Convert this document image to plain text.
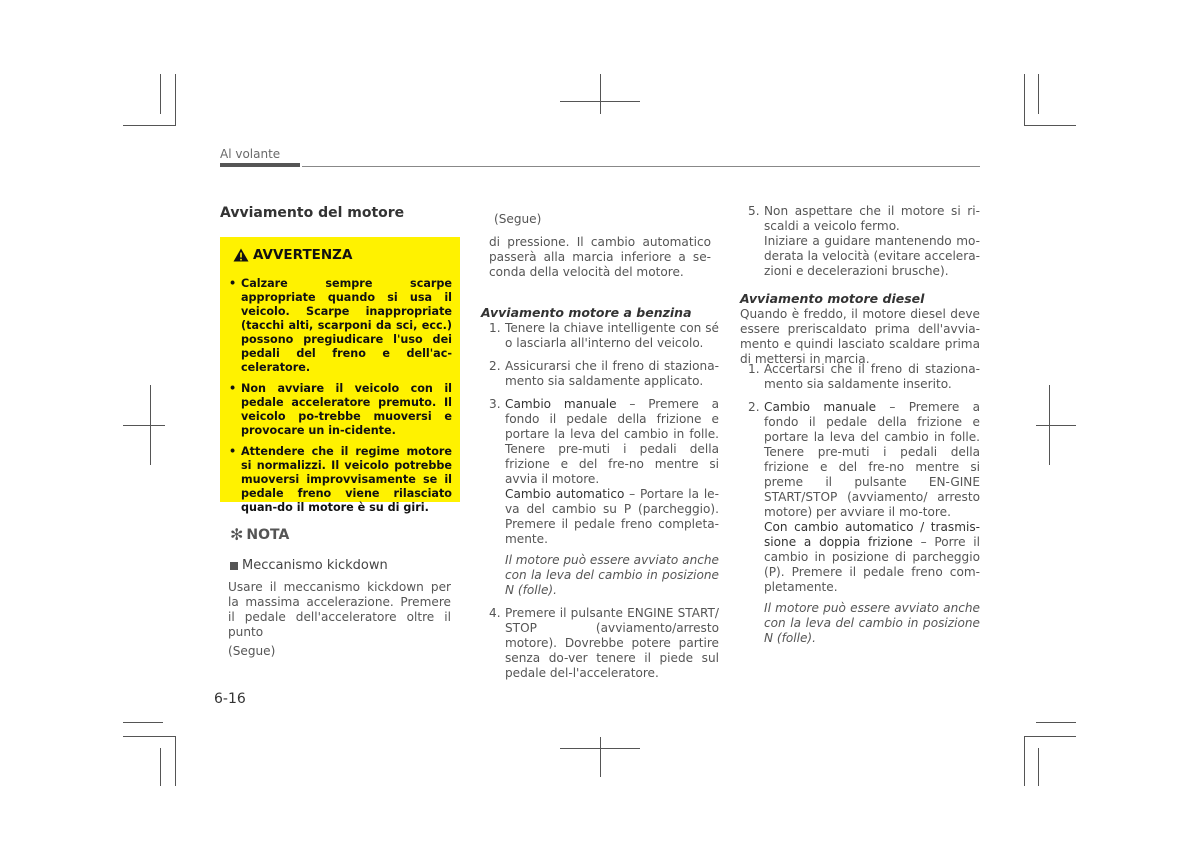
Al volante
Avviamento del motore
AVVERTENZA
• Calzare sempre scarpe appropriate quando si usa il veicolo. Scarpe inappropriate (tacchi alti, scarponi da sci, ecc.) possono pregiudicare l'uso dei pedali del freno e dell'ac-celeratore.
• Non avviare il veicolo con il pedale acceleratore premuto. Il veicolo po-trebbe muoversi e provocare un in-cidente.
• Attendere che il regime motore si normalizzi. Il veicolo potrebbe muoversi improvvisamente se il pedale freno viene rilasciato quan-do il motore è su di giri.
✻ NOTA
Meccanismo kickdown
Usare il meccanismo kickdown per la massima accelerazione. Premere il pedale dell'acceleratore oltre il punto
(Segue)
(Segue)
di pressione. Il cambio automatico passerà alla marcia inferiore a se-conda della velocità del motore.
Avviamento motore a benzina
1. Tenere la chiave intelligente con sé o lasciarla all'interno del veicolo.

2. Assicurarsi che il freno di staziona-mento sia saldamente applicato.

3. Cambio manuale – Premere a fondo il pedale della frizione e portare la leva del cambio in folle. Tenere pre-muti i pedali della frizione e del fre-no mentre si avvia il motore.

Cambio automatico – Portare la le-va del cambio su P (parcheggio). Premere il pedale freno completa-mente.

Il motore può essere avviato anche con la leva del cambio in posizione N (folle).

4. Premere il pulsante ENGINE START/ STOP (avviamento/arresto motore). Dovrebbe potere partire senza do-ver tenere il piede sul pedale del-l'acceleratore.

5. Non aspettare che il motore si ri-scaldi a veicolo fermo.

Iniziare a guidare mantenendo mo-derata la velocità (evitare accelera-zioni e decelerazioni brusche).

Avviamento motore diesel
Quando è freddo, il motore diesel deve essere preriscaldato prima dell'avvia-mento e quindi lasciato scaldare prima di mettersi in marcia.
1. Accertarsi che il freno di staziona-mento sia saldamente inserito.

2. Cambio manuale – Premere a fondo il pedale della frizione e portare la leva del cambio in folle. Tenere pre-muti i pedali della frizione e del fre-no mentre si preme il pulsante EN-GINE START/STOP (avviamento/ arresto motore) per avviare il mo-tore.

Con cambio automatico / trasmis-sione a doppia frizione – Porre il cambio in posizione di parcheggio (P). Premere il pedale freno com-pletamente.

Il motore può essere avviato anche con la leva del cambio in posizione N (folle).

6-16
